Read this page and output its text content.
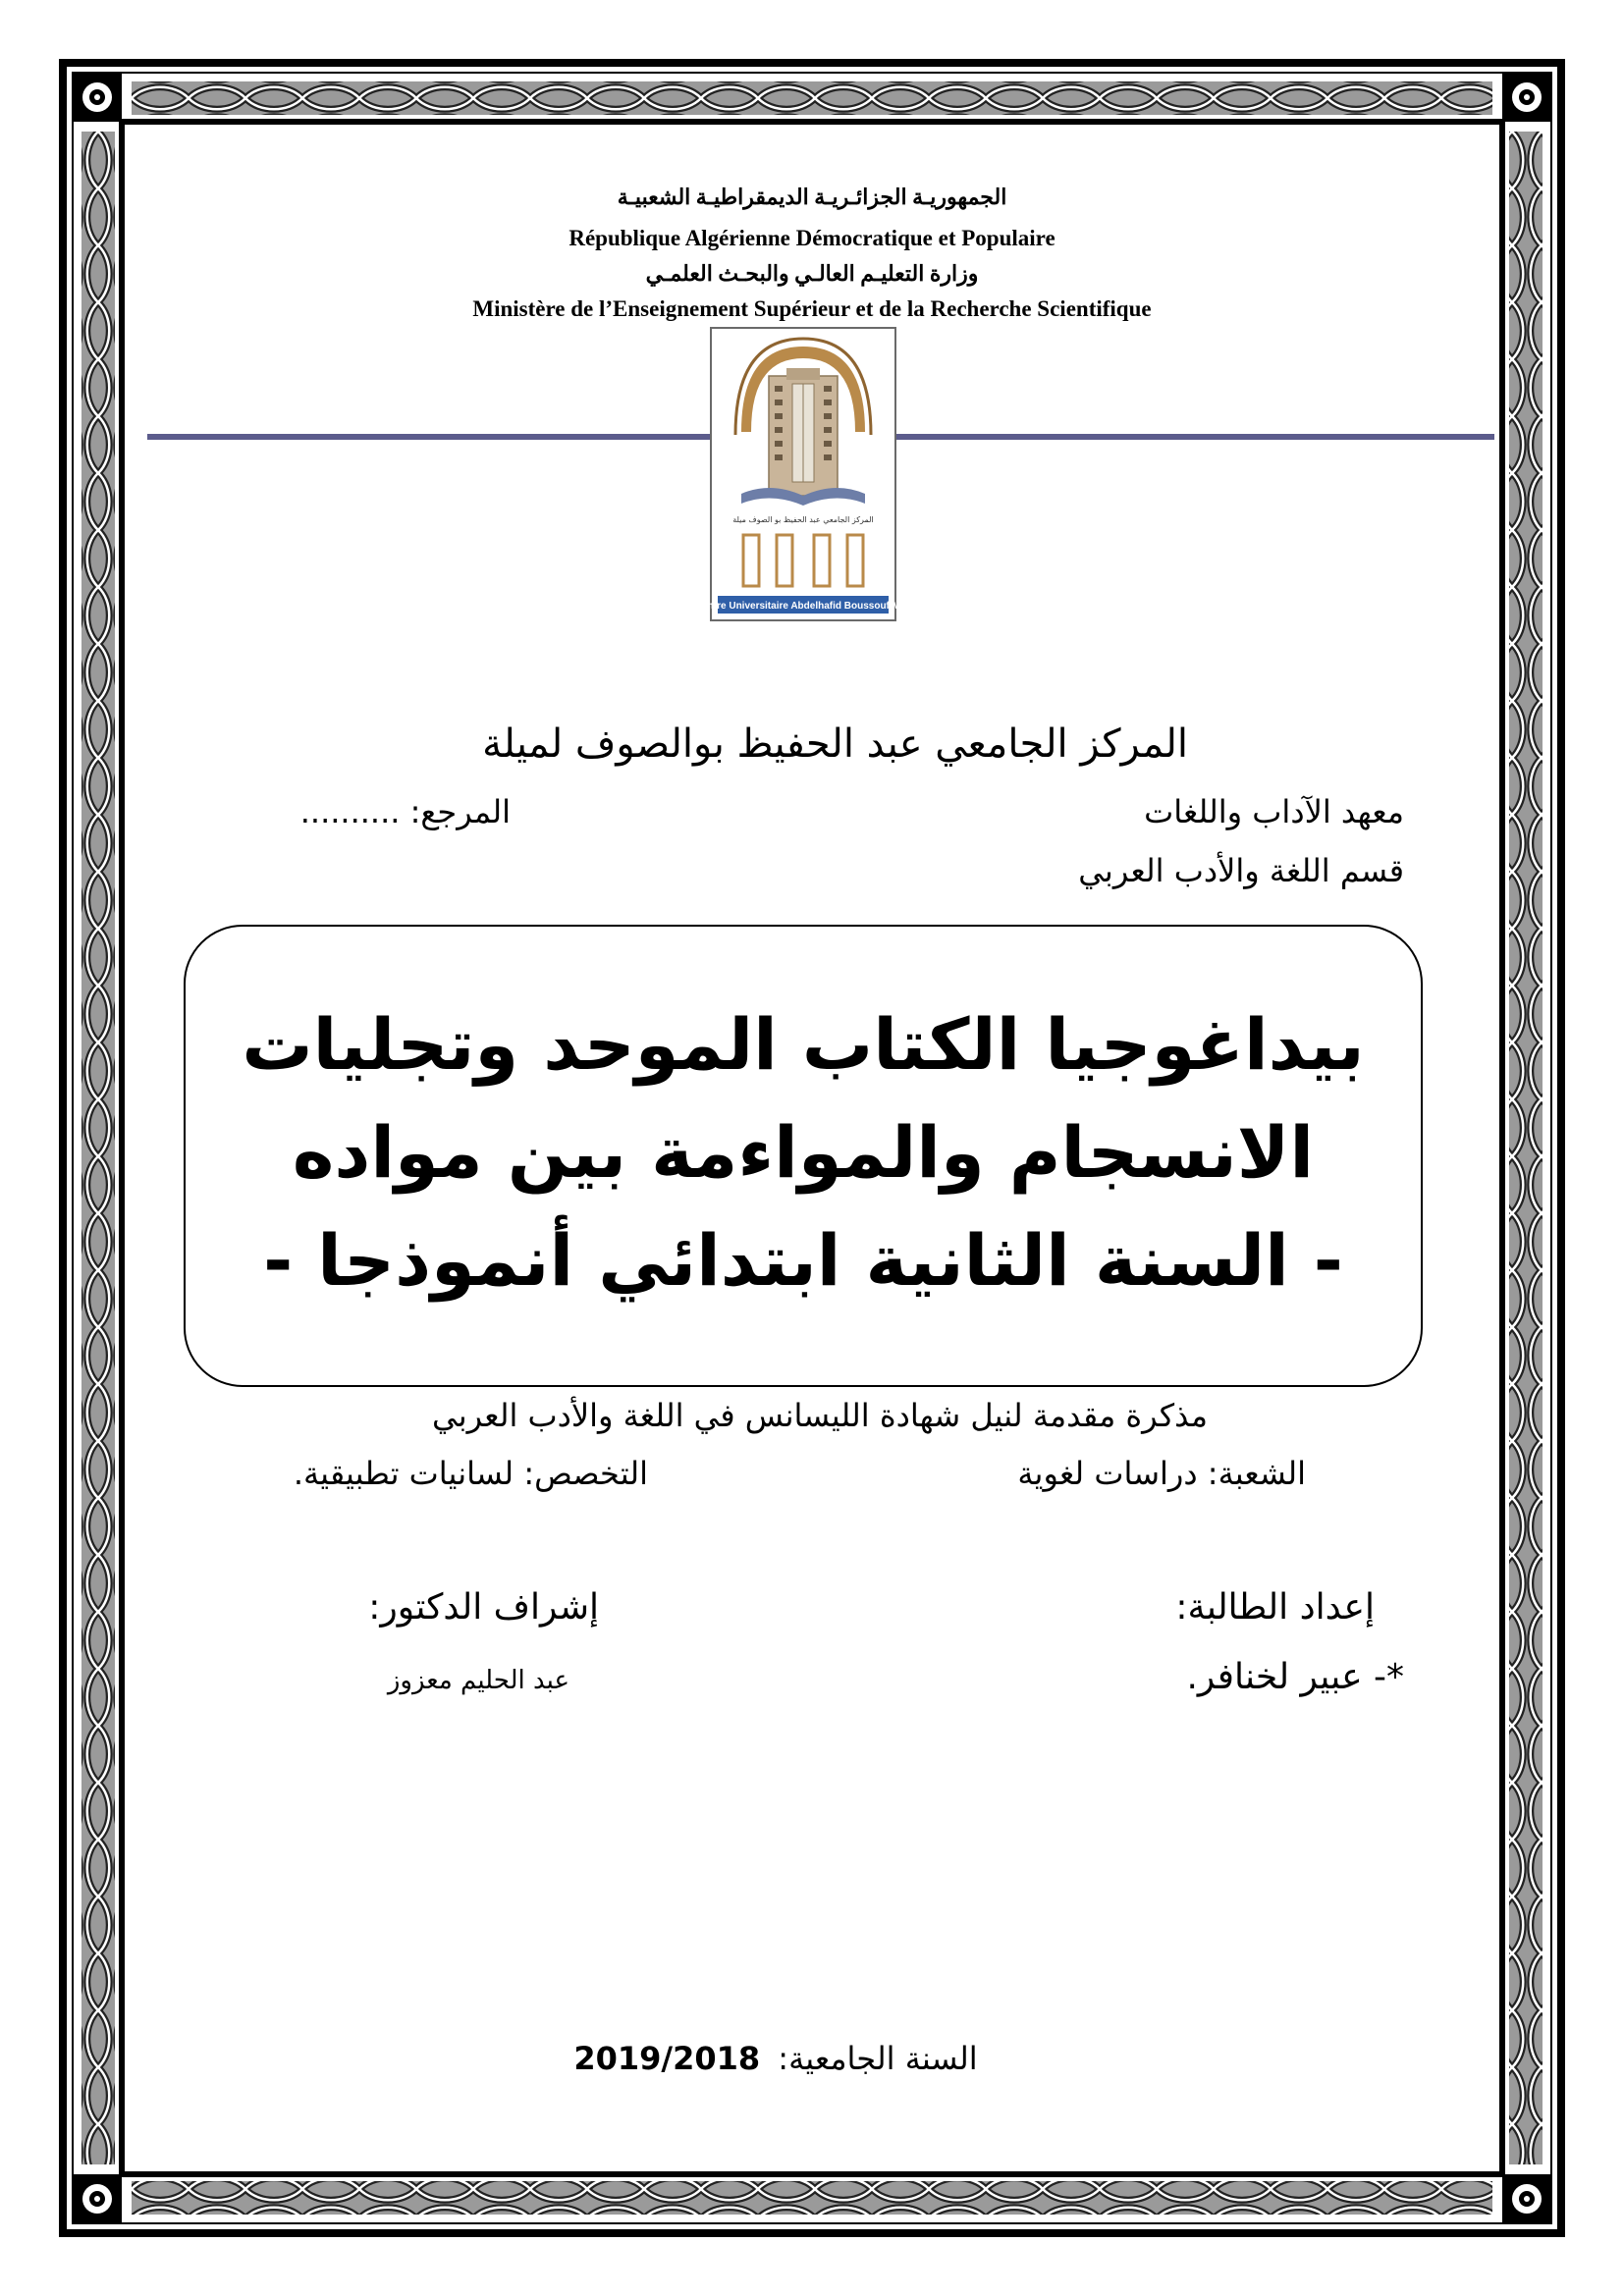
الجمهوريـة الجزائـريـة الديمقراطيـة الشعبيـة
République Algérienne Démocratique et Populaire
وزارة التعليـم العالـي والبحـث العلمـي
Ministère de l’Enseignement Supérieur et de la Recherche Scientifique
المركز الجامعي عبد الحفيظ بو الصوف ميلة
Centre Universitaire Abdelhafid Boussouf Mila
المركز الجامعي عبد الحفيظ بوالصوف لميلة
معهد الآداب واللغات
المرجع: ..........
قسم اللغة والأدب العربي
بيداغوجيا الكتاب الموحد وتجليات
الانسجام والمواءمة بين مواده
- السنة الثانية ابتدائي أنموذجا -
مذكرة مقدمة لنيل شهادة الليسانس في اللغة والأدب العربي
الشعبة: دراسات لغوية
التخصص: لسانيات تطبيقية.
إعداد الطالبة:
*- عبير لخنافر.
إشراف الدكتور:
عبد الحليم معزوز
2019/2018 السنة الجامعية:
